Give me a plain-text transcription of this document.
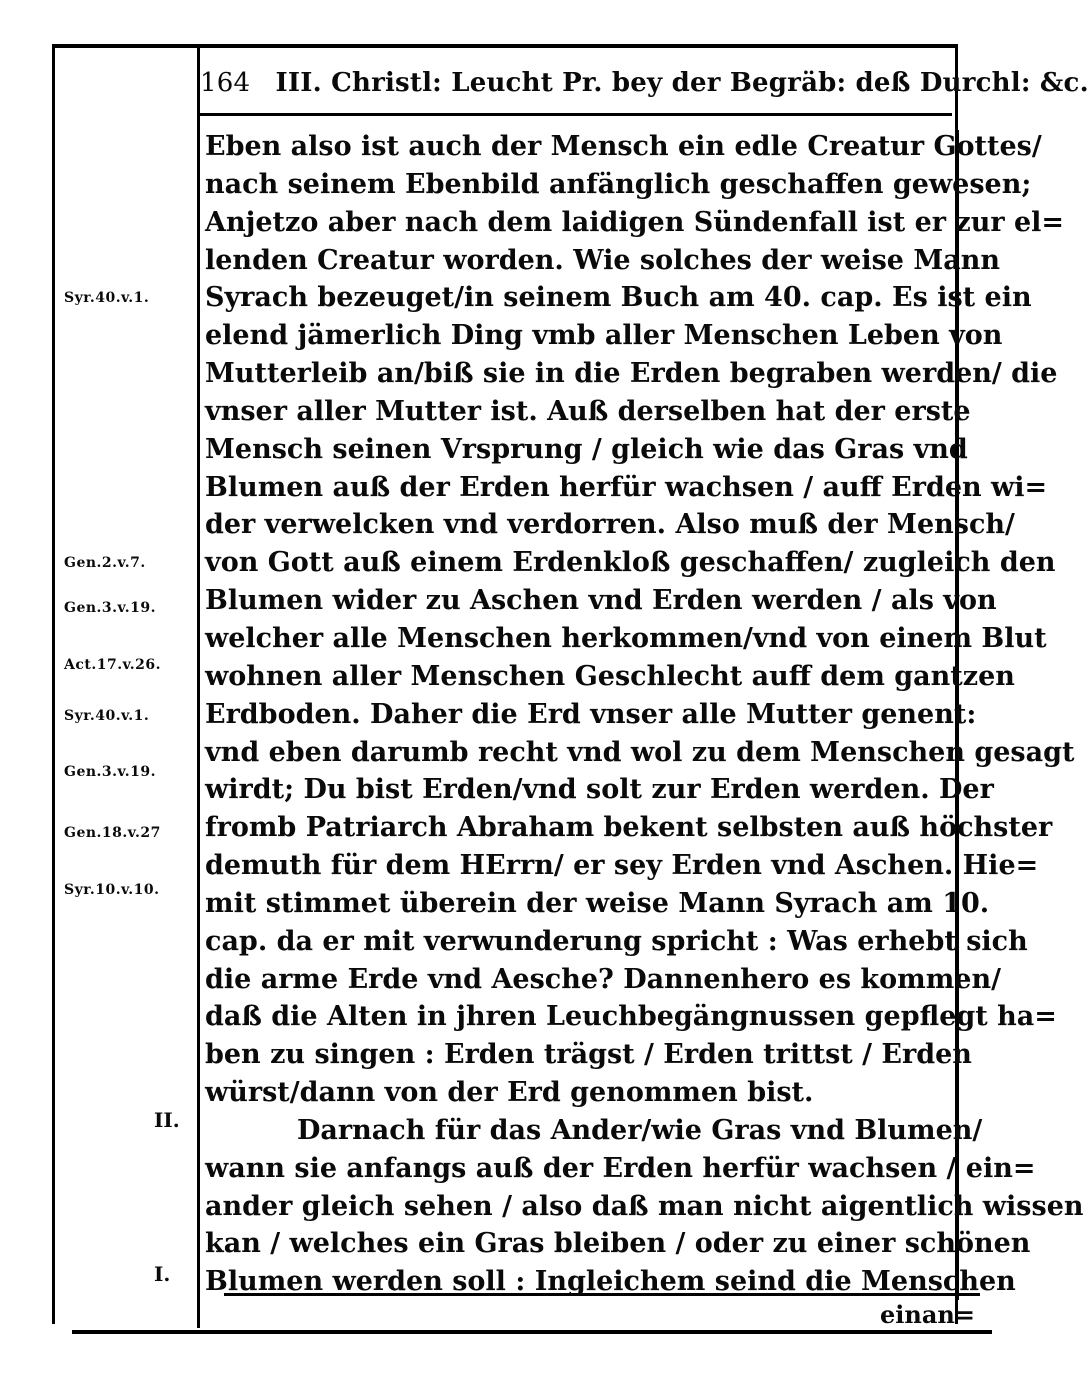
164 III. Christl: Leucht Pr. bey der Begräb: deß Durchl: &c.
Eben also ist auch der Mensch ein edle Creatur Gottes/
nach seinem Ebenbild anfänglich geschaffen gewesen;
Anjetzo aber nach dem laidigen Sündenfall ist er zur el=
lenden Creatur worden. Wie solches der weise Mann
Syrach bezeuget/in seinem Buch am 40. cap. Es ist ein
elend jämerlich Ding vmb aller Menschen Leben von
Mutterleib an/biß sie in die Erden begraben werden/ die
vnser aller Mutter ist. Auß derselben hat der erste
Mensch seinen Vrsprung / gleich wie das Gras vnd
Blumen auß der Erden herfür wachsen / auff Erden wi=
der verwelcken vnd verdorren. Also muß der Mensch/
von Gott auß einem Erdenkloß geschaffen/ zugleich den
Blumen wider zu Aschen vnd Erden werden / als von
welcher alle Menschen herkommen/vnd von einem Blut
wohnen aller Menschen Geschlecht auff dem gantzen
Erdboden. Daher die Erd vnser alle Mutter genent:
vnd eben darumb recht vnd wol zu dem Menschen gesagt
wirdt; Du bist Erden/vnd solt zur Erden werden. Der
fromb Patriarch Abraham bekent selbsten auß höchster
demuth für dem HErrn/ er sey Erden vnd Aschen. Hie=
mit stimmet überein der weise Mann Syrach am 10.
cap. da er mit verwunderung spricht : Was erhebt sich
die arme Erde vnd Aesche? Dannenhero es kommen/
daß die Alten in jhren Leuchbegängnussen gepflegt ha=
ben zu singen : Erden trägst / Erden trittst / Erden
würst/dann von der Erd genommen bist.
Darnach für das Ander/wie Gras vnd Blumen/
wann sie anfangs auß der Erden herfür wachsen / ein=
ander gleich sehen / also daß man nicht aigentlich wissen
kan / welches ein Gras bleiben / oder zu einer schönen
Blumen werden soll : Ingleichem seind die Menschen
Syr.40.v.1.
Gen.2.v.7.
Gen.3.v.19.
Act.17.v.26.
Syr.40.v.1.
Gen.3.v.19.
Gen.18.v.27
Syr.10.v.10.
II.
I.
einan=
